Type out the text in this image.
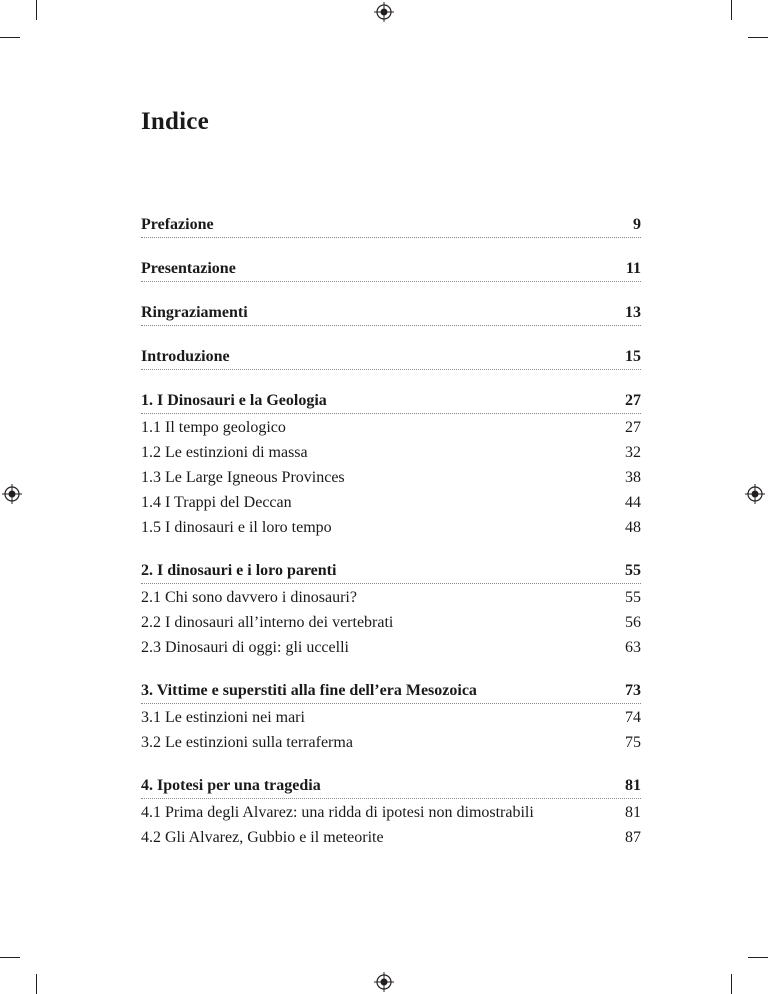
Indice
Prefazione	9
Presentazione	11
Ringraziamenti	13
Introduzione	15
1. I Dinosauri e la Geologia	27
1.1 Il tempo geologico	27
1.2 Le estinzioni di massa	32
1.3 Le Large Igneous Provinces	38
1.4 I Trappi del Deccan	44
1.5 I dinosauri e il loro tempo	48
2. I dinosauri e i loro parenti	55
2.1 Chi sono davvero i dinosauri?	55
2.2 I dinosauri all’interno dei vertebrati	56
2.3 Dinosauri di oggi: gli uccelli	63
3. Vittime e superstiti alla fine dell’era Mesozoica	73
3.1 Le estinzioni nei mari	74
3.2 Le estinzioni sulla terraferma	75
4. Ipotesi per una tragedia	81
4.1 Prima degli Alvarez: una ridda di ipotesi non dimostrabili	81
4.2 Gli Alvarez, Gubbio e il meteorite	87
